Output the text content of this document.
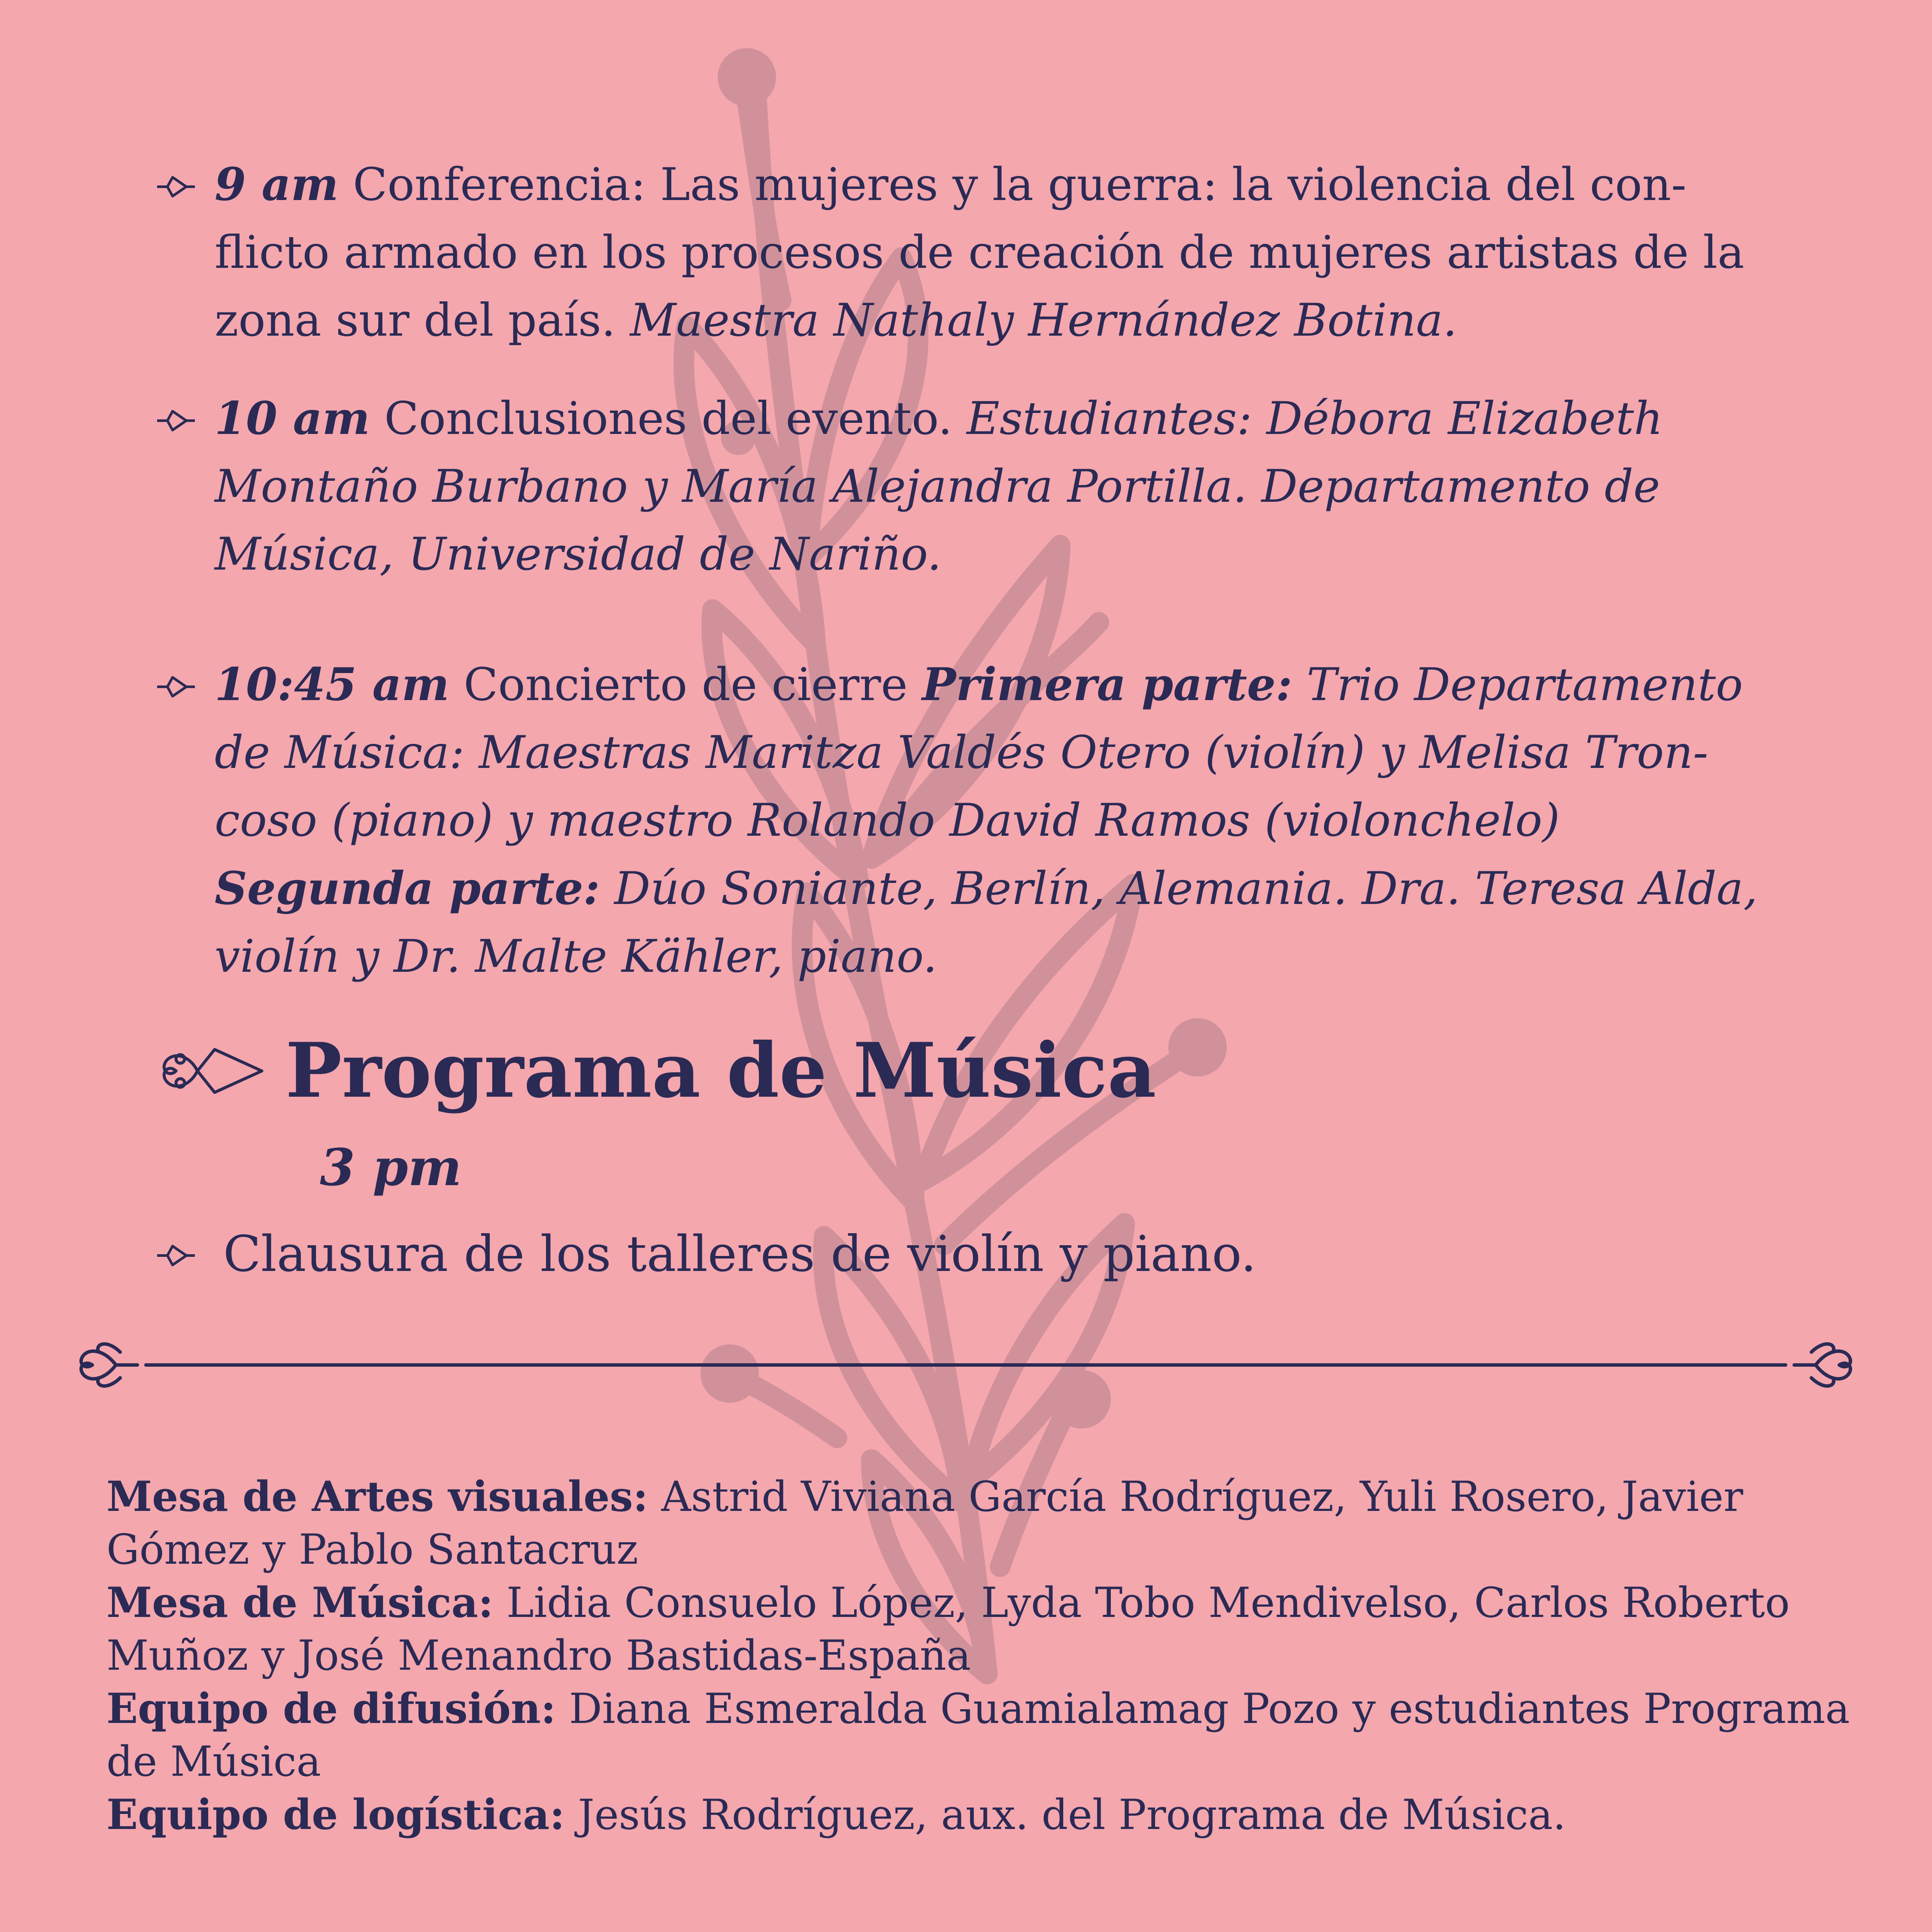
9 am Conferencia: Las mujeres y la guerra: la violencia del con-flicto armado en los procesos de creación de mujeres artistas de la zona sur del país. Maestra Nathaly Hernández Botina.
10 am Conclusiones del evento. Estudiantes: Débora Elizabeth Montaño Burbano y María Alejandra Portilla. Departamento de Música, Universidad de Nariño.
10:45 am Concierto de cierre Primera parte: Trio Departamento de Música: Maestras Maritza Valdés Otero (violín) y Melisa Tron-coso (piano) y maestro Rolando David Ramos (violonchelo)
Segunda parte: Dúo Soniante, Berlín, Alemania. Dra. Teresa Alda, violín y Dr. Malte Kähler, piano.
Programa de Música
3 pm
Clausura de los talleres de violín y piano.

Mesa de Artes visuales: Astrid Viviana García Rodríguez, Yuli Rosero, Javier Gómez y Pablo Santacruz

Mesa de Música: Lidia Consuelo López, Lyda Tobo Mendivelso, Carlos Roberto Muñoz y José Menandro Bastidas-España

Equipo de difusión: Diana Esmeralda Guamialamag Pozo y estudiantes Programa de Música

Equipo de logística: Jesús Rodríguez, aux. del Programa de Música.
